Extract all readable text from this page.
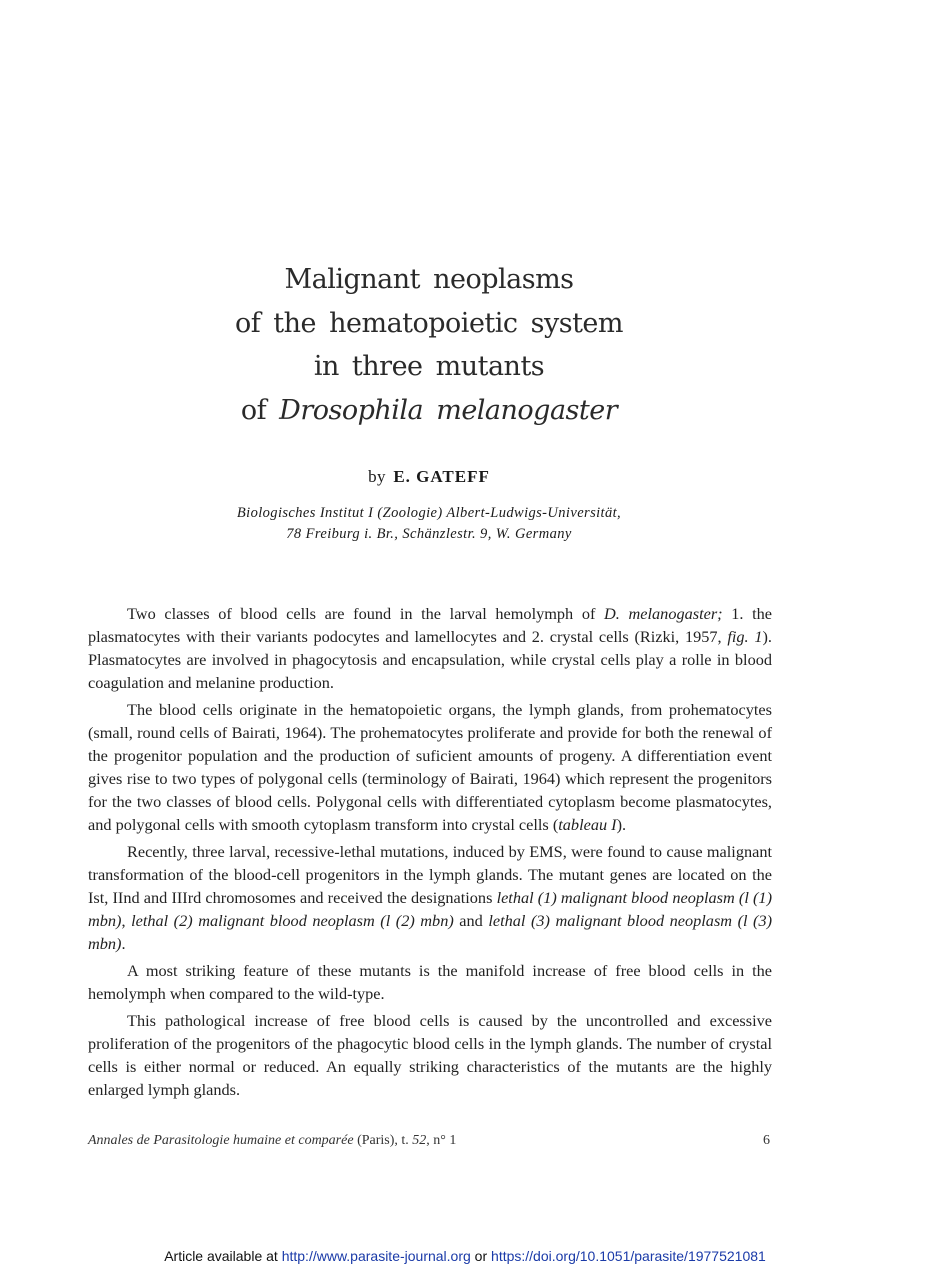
Malignant neoplasms
of the hematopoietic system
in three mutants
of Drosophila melanogaster
by E. GATEFF
Biologisches Institut I (Zoologie) Albert-Ludwigs-Universität,
78 Freiburg i. Br., Schänzlestr. 9, W. Germany

Two classes of blood cells are found in the larval hemolymph of D. melanogaster; 1. the plasmatocytes with their variants podocytes and lamellocytes and 2. crystal cells (Rizki, 1957, fig. 1). Plasmatocytes are involved in phagocytosis and encapsulation, while crystal cells play a rolle in blood coagulation and melanine production.

The blood cells originate in the hematopoietic organs, the lymph glands, from prohematocytes (small, round cells of Bairati, 1964). The prohematocytes proliferate and provide for both the renewal of the progenitor population and the production of suficient amounts of progeny. A differentiation event gives rise to two types of polygonal cells (terminology of Bairati, 1964) which represent the progenitors for the two classes of blood cells. Polygonal cells with differentiated cytoplasm become plasmatocytes, and polygonal cells with smooth cytoplasm transform into crystal cells (tableau I).

Recently, three larval, recessive-lethal mutations, induced by EMS, were found to cause malignant transformation of the blood-cell progenitors in the lymph glands. The mutant genes are located on the Ist, IInd and IIIrd chromosomes and received the designations lethal (1) malignant blood neoplasm (l (1) mbn), lethal (2) malignant blood neoplasm (l (2) mbn) and lethal (3) malignant blood neoplasm (l (3) mbn).

A most striking feature of these mutants is the manifold increase of free blood cells in the hemolymph when compared to the wild-type.

This pathological increase of free blood cells is caused by the uncontrolled and excessive proliferation of the progenitors of the phagocytic blood cells in the lymph glands. The number of crystal cells is either normal or reduced. An equally striking characteristics of the mutants are the highly enlarged lymph glands.

Annales de Parasitologie humaine et comparée (Paris), t. 52, n° 1	6
Article available at http://www.parasite-journal.org or https://doi.org/10.1051/parasite/1977521081
